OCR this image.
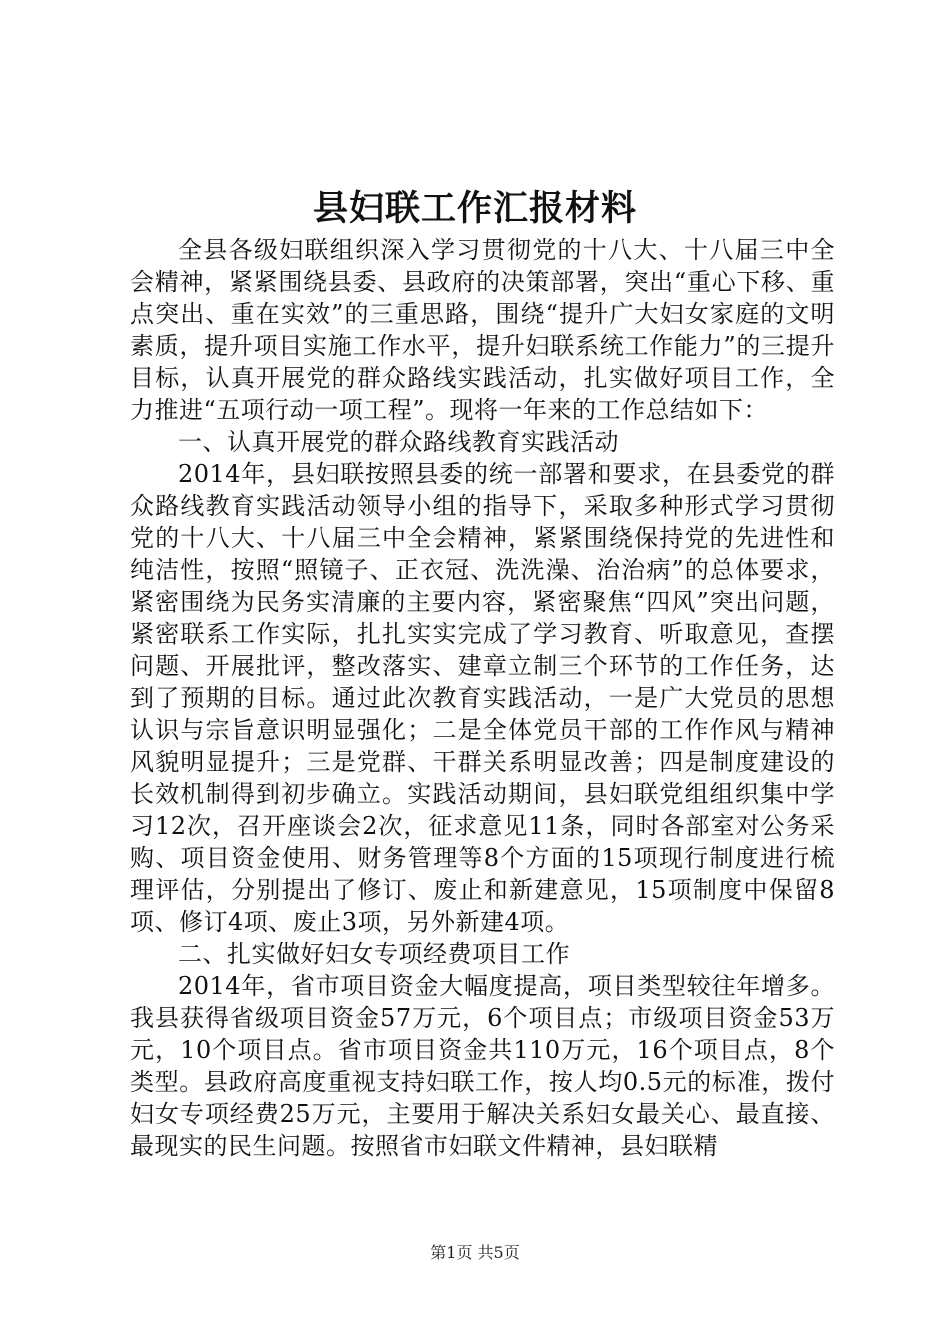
县妇联工作汇报材料

全县各级妇联组织深入学习贯彻党的十八大、十八届三中全会精神，紧紧围绕县委、县政府的决策部署，突出“重心下移、重点突出、重在实效”的三重思路，围绕“提升广大妇女家庭的文明素质，提升项目实施工作水平，提升妇联系统工作能力”的三提升目标，认真开展党的群众路线实践活动，扎实做好项目工作，全力推进“五项行动一项工程”。现将一年来的工作总结如下：

一、认真开展党的群众路线教育实践活动

2014年，县妇联按照县委的统一部署和要求，在县委党的群众路线教育实践活动领导小组的指导下，采取多种形式学习贯彻党的十八大、十八届三中全会精神，紧紧围绕保持党的先进性和纯洁性，按照“照镜子、正衣冠、洗洗澡、治治病”的总体要求，紧密围绕为民务实清廉的主要内容，紧密聚焦“四风”突出问题，紧密联系工作实际，扎扎实实完成了学习教育、听取意见，查摆问题、开展批评，整改落实、建章立制三个环节的工作任务，达到了预期的目标。通过此次教育实践活动，一是广大党员的思想认识与宗旨意识明显强化；二是全体党员干部的工作作风与精神风貌明显提升；三是党群、干群关系明显改善；四是制度建设的长效机制得到初步确立。实践活动期间，县妇联党组组织集中学习12次，召开座谈会2次，征求意见11条，同时各部室对公务采购、项目资金使用、财务管理等8个方面的15项现行制度进行梳理评估，分别提出了修订、废止和新建意见，15项制度中保留8项、修订4项、废止3项，另外新建4项。

二、扎实做好妇女专项经费项目工作

2014年，省市项目资金大幅度提高，项目类型较往年增多。我县获得省级项目资金57万元，6个项目点；市级项目资金53万元，10个项目点。省市项目资金共110万元，16个项目点，8个类型。县政府高度重视支持妇联工作，按人均0.5元的标准，拨付妇女专项经费25万元，主要用于解决关系妇女最关心、最直接、最现实的民生问题。按照省市妇联文件精神，县妇联精

第1页 共5页
